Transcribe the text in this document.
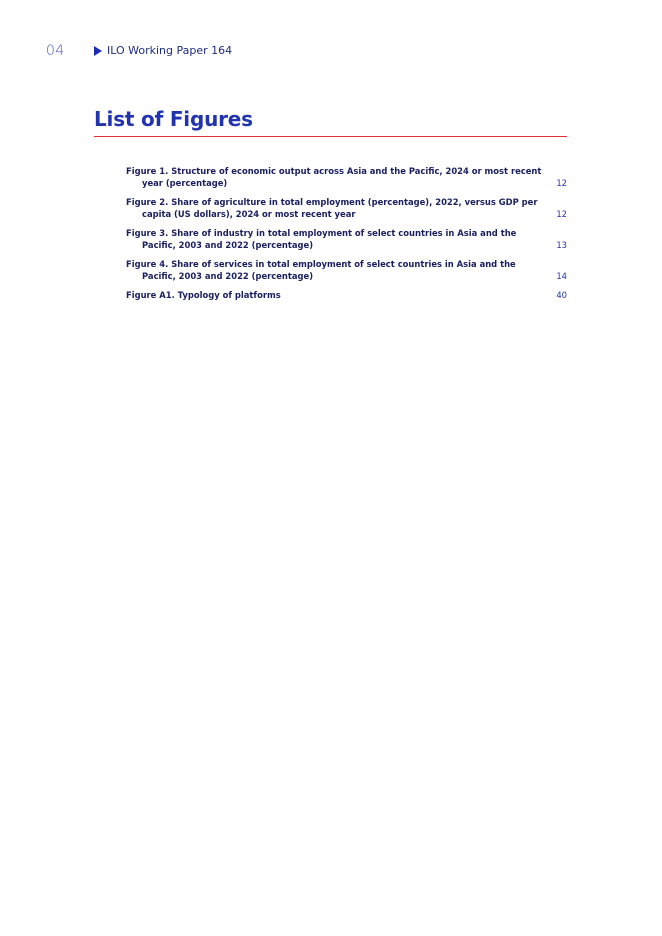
04	ILO Working Paper 164
List of Figures
Figure 1. Structure of economic output across Asia and the Pacific, 2024 or most recent year (percentage)	12
Figure 2. Share of agriculture in total employment (percentage), 2022, versus GDP per capita (US dollars), 2024 or most recent year	12
Figure 3. Share of industry in total employment of select countries in Asia and the Pacific, 2003 and 2022 (percentage)	13
Figure 4. Share of services in total employment of select countries in Asia and the Pacific, 2003 and 2022 (percentage)	14
Figure A1. Typology of platforms	40
